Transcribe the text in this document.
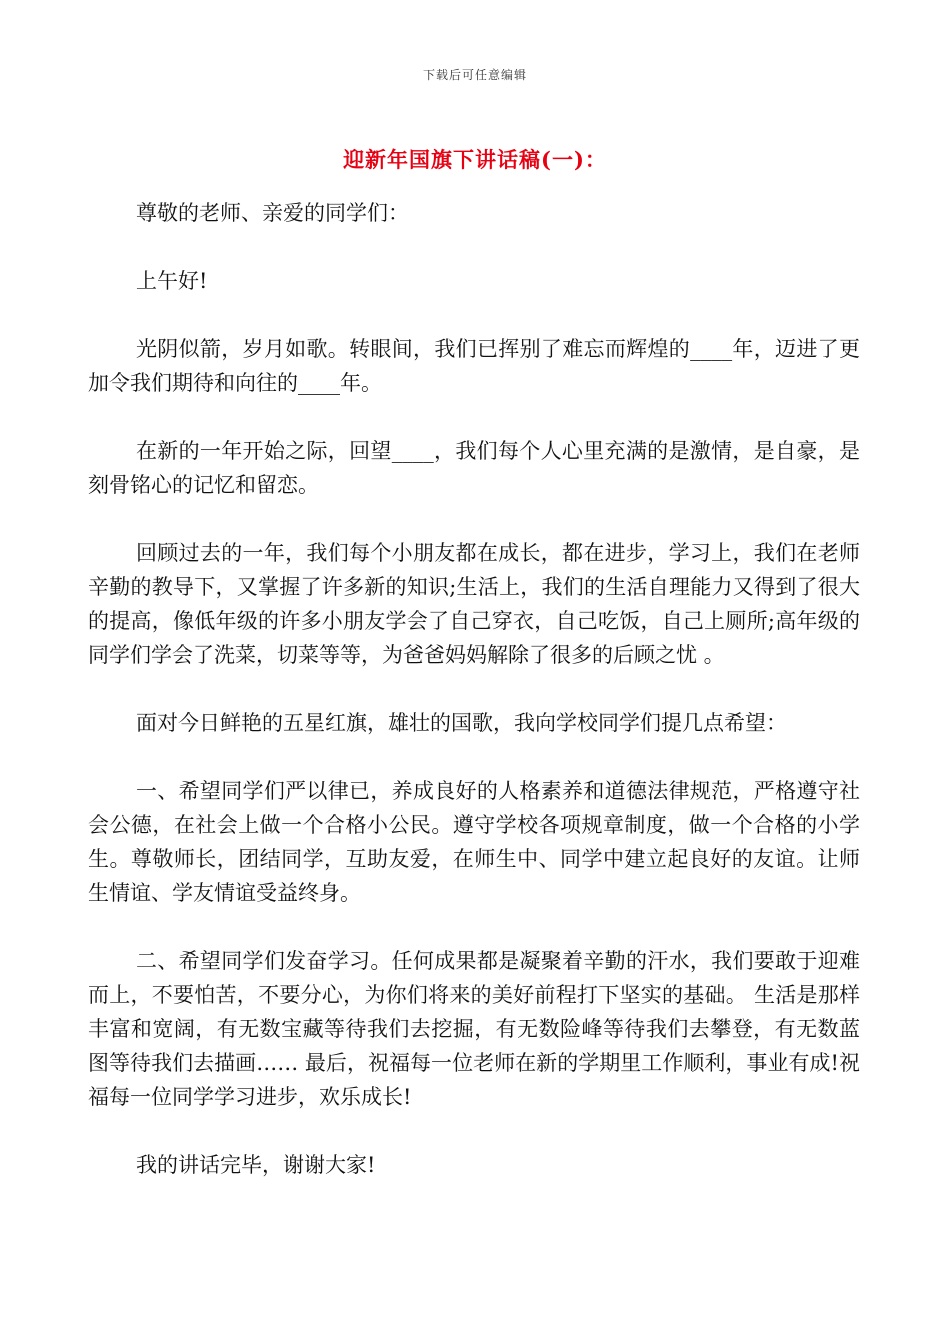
下载后可任意编辑
迎新年国旗下讲话稿(一)：

尊敬的老师、亲爱的同学们：

上午好!

光阴似箭，岁月如歌。转眼间，我们已挥别了难忘而辉煌的____年，迈进了更加令我们期待和向往的____年。

在新的一年开始之际，回望____，我们每个人心里充满的是激情，是自豪，是刻骨铭心的记忆和留恋。

回顾过去的一年，我们每个小朋友都在成长，都在进步，学习上，我们在老师辛勤的教导下，又掌握了许多新的知识;生活上，我们的生活自理能力又得到了很大的提高，像低年级的许多小朋友学会了自己穿衣，自己吃饭，自己上厕所;高年级的同学们学会了洗菜，切菜等等，为爸爸妈妈解除了很多的后顾之忧 。

面对今日鲜艳的五星红旗，雄壮的国歌，我向学校同学们提几点希望：

一、希望同学们严以律已，养成良好的人格素养和道德法律规范，严格遵守社会公德，在社会上做一个合格小公民。遵守学校各项规章制度，做一个合格的小学生。尊敬师长，团结同学，互助友爱，在师生中、同学中建立起良好的友谊。让师生情谊、学友情谊受益终身。

二、希望同学们发奋学习。任何成果都是凝聚着辛勤的汗水，我们要敢于迎难而上，不要怕苦，不要分心，为你们将来的美好前程打下坚实的基础。 生活是那样丰富和宽阔，有无数宝藏等待我们去挖掘，有无数险峰等待我们去攀登，有无数蓝图等待我们去描画…… 最后，祝福每一位老师在新的学期里工作顺利，事业有成!祝福每一位同学学习进步，欢乐成长!

我的讲话完毕，谢谢大家!
